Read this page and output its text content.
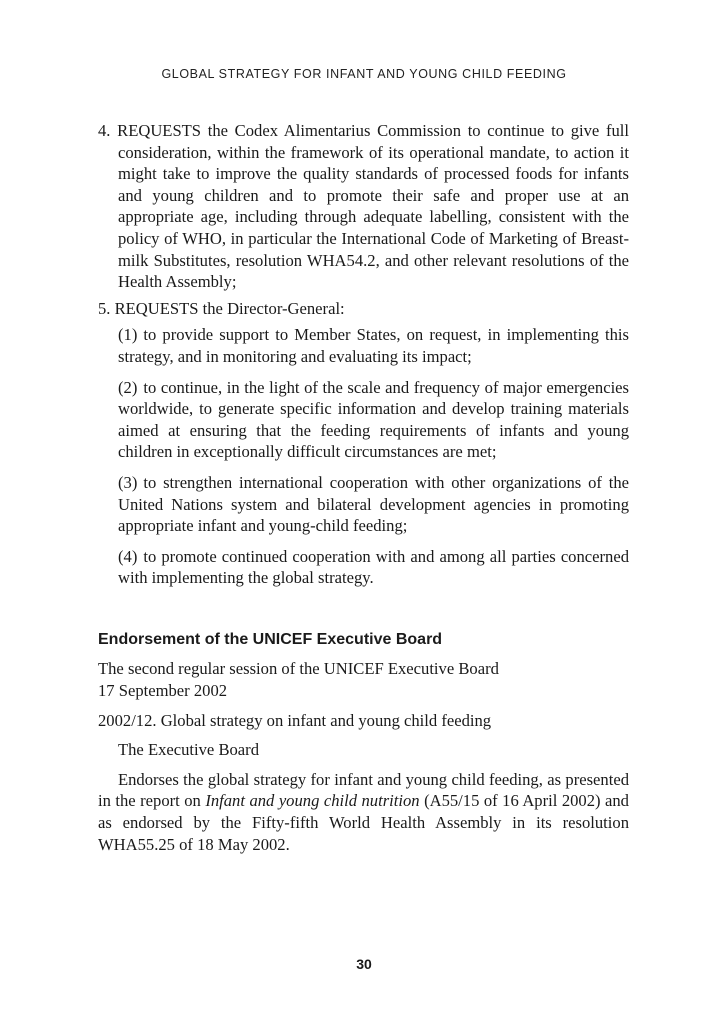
GLOBAL STRATEGY FOR INFANT AND YOUNG CHILD FEEDING

4. REQUESTS the Codex Alimentarius Commission to continue to give full consideration, within the framework of its operational mandate, to action it might take to improve the quality standards of processed foods for infants and young children and to promote their safe and proper use at an appropriate age, including through adequate labelling, consistent with the policy of WHO, in particular the International Code of Marketing of Breast-milk Substitutes, resolution WHA54.2, and other relevant resolutions of the Health Assembly;

5. REQUESTS the Director-General:

(1) to provide support to Member States, on request, in implementing this strategy, and in monitoring and evaluating its impact;

(2) to continue, in the light of the scale and frequency of major emergencies worldwide, to generate specific information and develop training materials aimed at ensuring that the feeding requirements of infants and young children in exceptionally difficult circumstances are met;

(3) to strengthen international cooperation with other organizations of the United Nations system and bilateral development agencies in promoting appropriate infant and young-child feeding;

(4) to promote continued cooperation with and among all parties concerned with implementing the global strategy.

Endorsement of the UNICEF Executive Board

The second regular session of the UNICEF Executive Board
17 September 2002

2002/12. Global strategy on infant and young child feeding

The Executive Board

Endorses the global strategy for infant and young child feeding, as presented in the report on Infant and young child nutrition (A55/15 of 16 April 2002) and as endorsed by the Fifty-fifth World Health Assembly in its resolution WHA55.25 of 18 May 2002.

30
